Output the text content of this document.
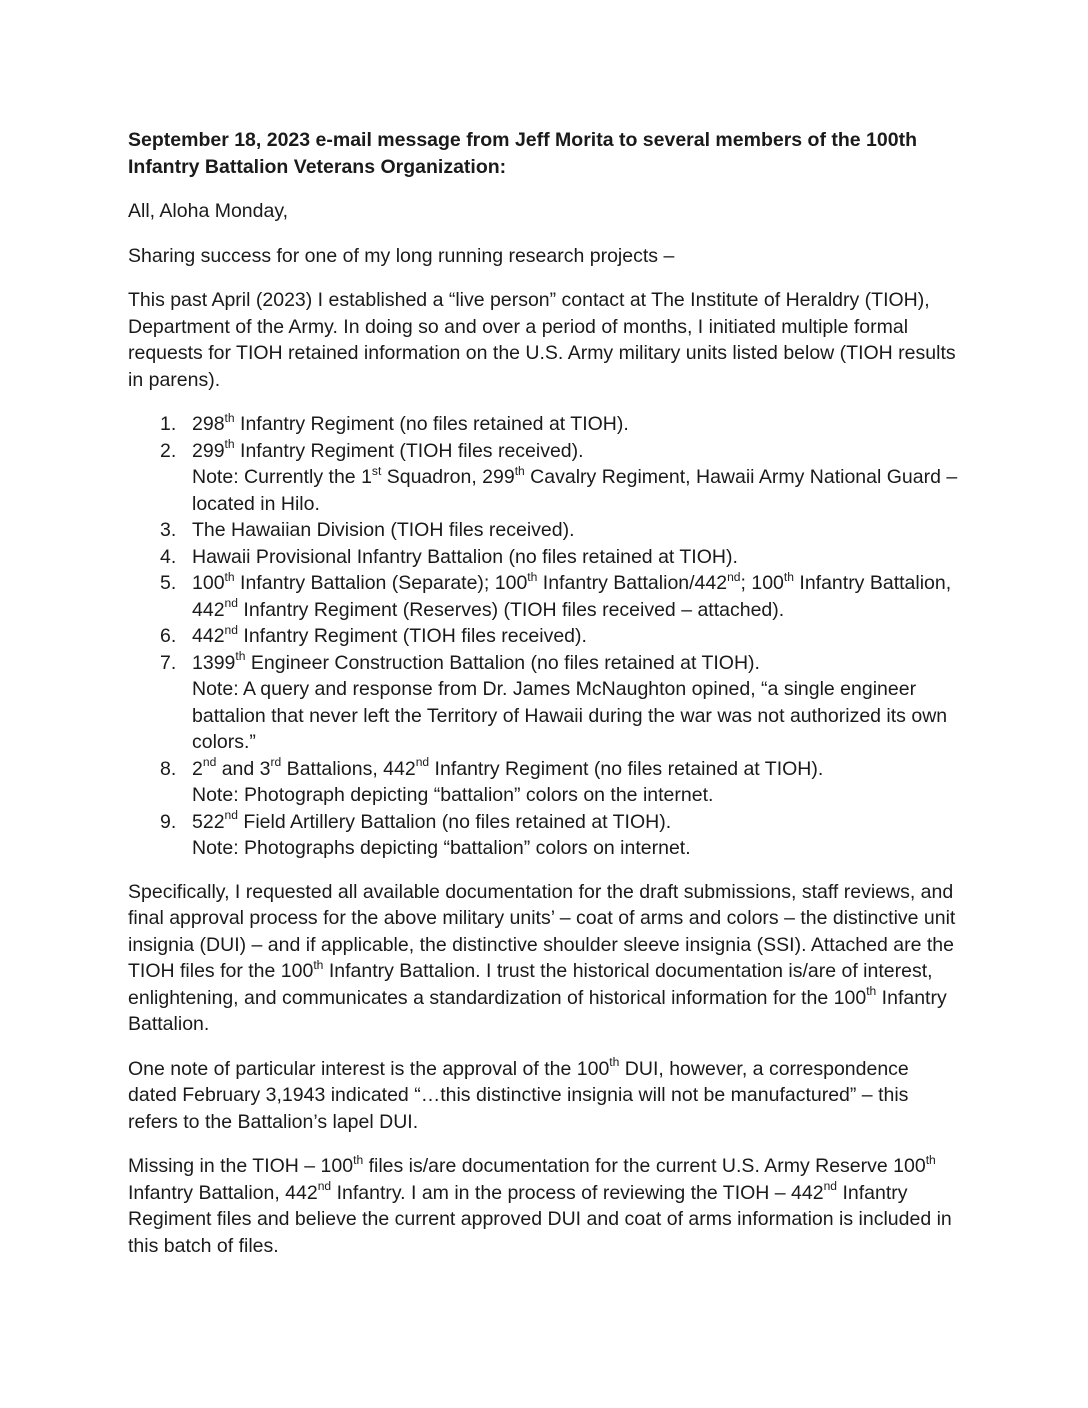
September 18, 2023 e-mail message from Jeff Morita to several members of the 100th Infantry Battalion Veterans Organization:

All, Aloha Monday,

Sharing success for one of my long running research projects –

This past April (2023) I established a “live person” contact at The Institute of Heraldry (TIOH), Department of the Army. In doing so and over a period of months, I initiated multiple formal requests for TIOH retained information on the U.S. Army military units listed below (TIOH results in parens).

1. 298th Infantry Regiment (no files retained at TIOH).
2. 299th Infantry Regiment (TIOH files received).
Note: Currently the 1st Squadron, 299th Cavalry Regiment, Hawaii Army National Guard – located in Hilo.
3. The Hawaiian Division (TIOH files received).
4. Hawaii Provisional Infantry Battalion (no files retained at TIOH).
5. 100th Infantry Battalion (Separate); 100th Infantry Battalion/442nd; 100th Infantry Battalion, 442nd Infantry Regiment (Reserves) (TIOH files received – attached).
6. 442nd Infantry Regiment (TIOH files received).
7. 1399th Engineer Construction Battalion (no files retained at TIOH).
Note: A query and response from Dr. James McNaughton opined, “a single engineer battalion that never left the Territory of Hawaii during the war was not authorized its own colors.”
8. 2nd and 3rd Battalions, 442nd Infantry Regiment (no files retained at TIOH).
Note: Photograph depicting “battalion” colors on the internet.
9. 522nd Field Artillery Battalion (no files retained at TIOH).
Note: Photographs depicting “battalion” colors on internet.

Specifically, I requested all available documentation for the draft submissions, staff reviews, and final approval process for the above military units’ – coat of arms and colors – the distinctive unit insignia (DUI) – and if applicable, the distinctive shoulder sleeve insignia (SSI). Attached are the TIOH files for the 100th Infantry Battalion. I trust the historical documentation is/are of interest, enlightening, and communicates a standardization of historical information for the 100th Infantry Battalion.

One note of particular interest is the approval of the 100th DUI, however, a correspondence dated February 3,1943 indicated “…this distinctive insignia will not be manufactured” – this refers to the Battalion’s lapel DUI.

Missing in the TIOH – 100th files is/are documentation for the current U.S. Army Reserve 100th Infantry Battalion, 442nd Infantry. I am in the process of reviewing the TIOH – 442nd Infantry Regiment files and believe the current approved DUI and coat of arms information is included in this batch of files.
